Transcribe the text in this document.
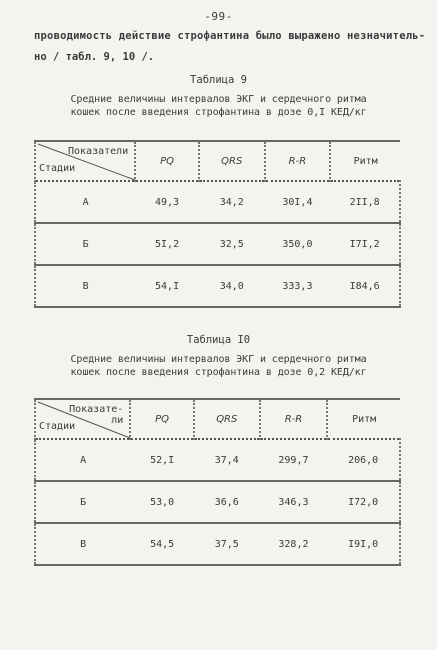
-99-
проводимость действие строфантина было выражено незначитель-
но / табл. 9, 10 /.
Таблица 9
Средние величины интервалов ЭКГ и сердечного ритма
кошек после введения строфантина в дозе 0,I КЕД/кг
Показатели
Стадии	PQ	QRS	R-R	Ритм
А	49,3	34,2	30I,4	2II,8
Б	5I,2	32,5	350,0	I7I,2
В	54,I	34,0	333,3	I84,6
Таблица I0
Средние величины интервалов ЭКГ и сердечного ритма
кошек после введения строфантина в дозе 0,2 КЕД/кг
Показате-
ли
Стадии	PQ	QRS	R-R	Ритм
А	52,I	37,4	299,7	206,0
Б	53,0	36,6	346,3	I72,0
В	54,5	37,5	328,2	I9I,0
